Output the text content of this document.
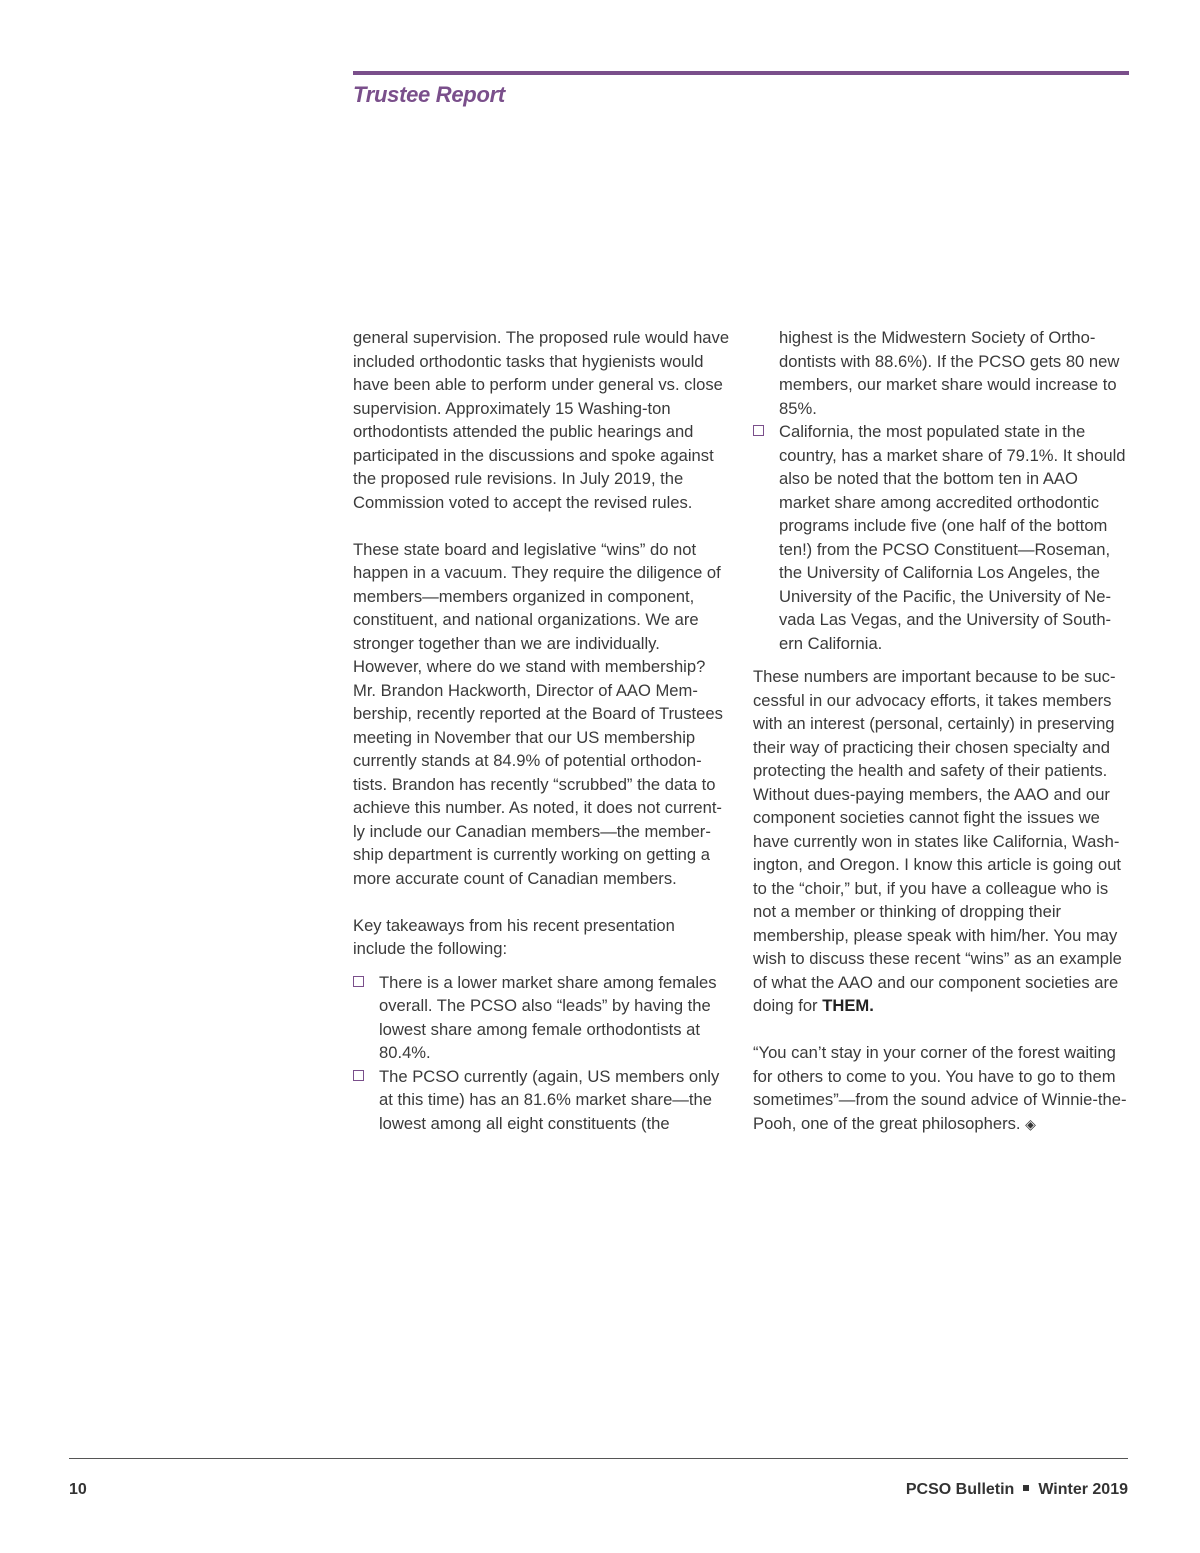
Trustee Report

general supervision. The proposed rule would have included orthodontic tasks that hygienists would have been able to perform under general vs. close supervision. Approximately 15 Washing-ton orthodontists attended the public hearings and participated in the discussions and spoke against the proposed rule revisions. In July 2019, the Commission voted to accept the revised rules.

These state board and legislative “wins” do not happen in a vacuum. They require the diligence of members—members organized in component, constituent, and national organizations. We are stronger together than we are individually. However, where do we stand with membership? Mr. Brandon Hackworth, Director of AAO Mem-bership, recently reported at the Board of Trustees meeting in November that our US membership currently stands at 84.9% of potential orthodon-tists. Brandon has recently “scrubbed” the data to achieve this number. As noted, it does not current-ly include our Canadian members—the member-ship department is currently working on getting a more accurate count of Canadian members.

Key takeaways from his recent presentation include the following:

There is a lower market share among females overall. The PCSO also “leads” by having the lowest share among female orthodontists at 80.4%.
The PCSO currently (again, US members only at this time) has an 81.6% market share—the lowest among all eight constituents (the
highest is the Midwestern Society of Ortho-dontists with 88.6%). If the PCSO gets 80 new members, our market share would increase to 85%.
California, the most populated state in the country, has a market share of 79.1%. It should also be noted that the bottom ten in AAO market share among accredited orthodontic programs include five (one half of the bottom ten!) from the PCSO Constituent—Roseman, the University of California Los Angeles, the University of the Pacific, the University of Ne-vada Las Vegas, and the University of South-ern California.

These numbers are important because to be suc-cessful in our advocacy efforts, it takes members with an interest (personal, certainly) in preserving their way of practicing their chosen specialty and protecting the health and safety of their patients. Without dues-paying members, the AAO and our component societies cannot fight the issues we have currently won in states like California, Wash-ington, and Oregon. I know this article is going out to the “choir,” but, if you have a colleague who is not a member or thinking of dropping their membership, please speak with him/her. You may wish to discuss these recent “wins” as an example of what the AAO and our component societies are doing for THEM.

“You can’t stay in your corner of the forest waiting for others to come to you. You have to go to them sometimes”—from the sound advice of Winnie-the-Pooh, one of the great philosophers. ◈

10	PCSO Bulletin Winter 2019
